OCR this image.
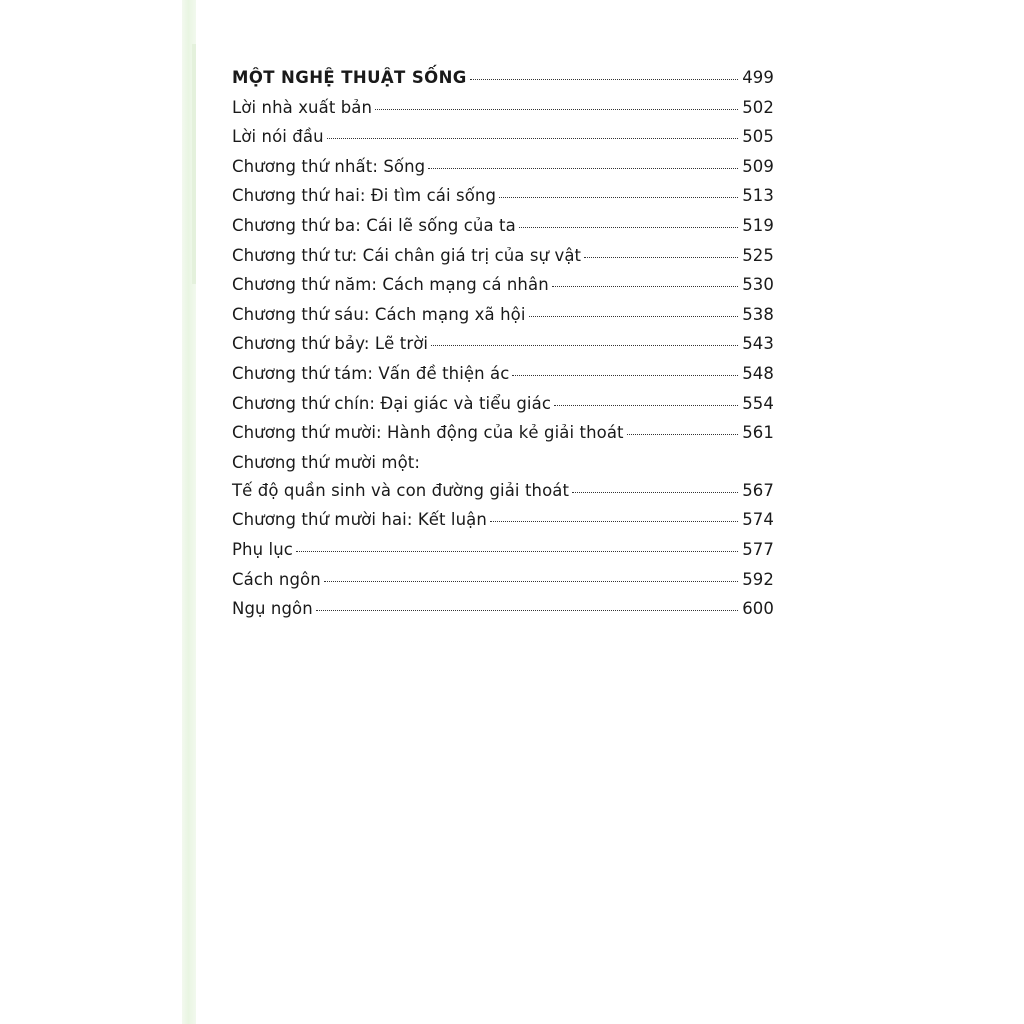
MỘT NGHỆ THUẬT SỐNG	499
Lời nhà xuất bản	502
Lời nói đầu	505
Chương thứ nhất: Sống	509
Chương thứ hai: Đi tìm cái sống	513
Chương thứ ba: Cái lẽ sống của ta	519
Chương thứ tư: Cái chân giá trị của sự vật	525
Chương thứ năm: Cách mạng cá nhân	530
Chương thứ sáu: Cách mạng xã hội	538
Chương thứ bảy: Lẽ trời	543
Chương thứ tám: Vấn đề thiện ác	548
Chương thứ chín: Đại giác và tiểu giác	554
Chương thứ mười: Hành động của kẻ giải thoát	561
Chương thứ mười một:
Tế độ quần sinh và con đường giải thoát	567
Chương thứ mười hai: Kết luận	574
Phụ lục	577
Cách ngôn	592
Ngụ ngôn	600
